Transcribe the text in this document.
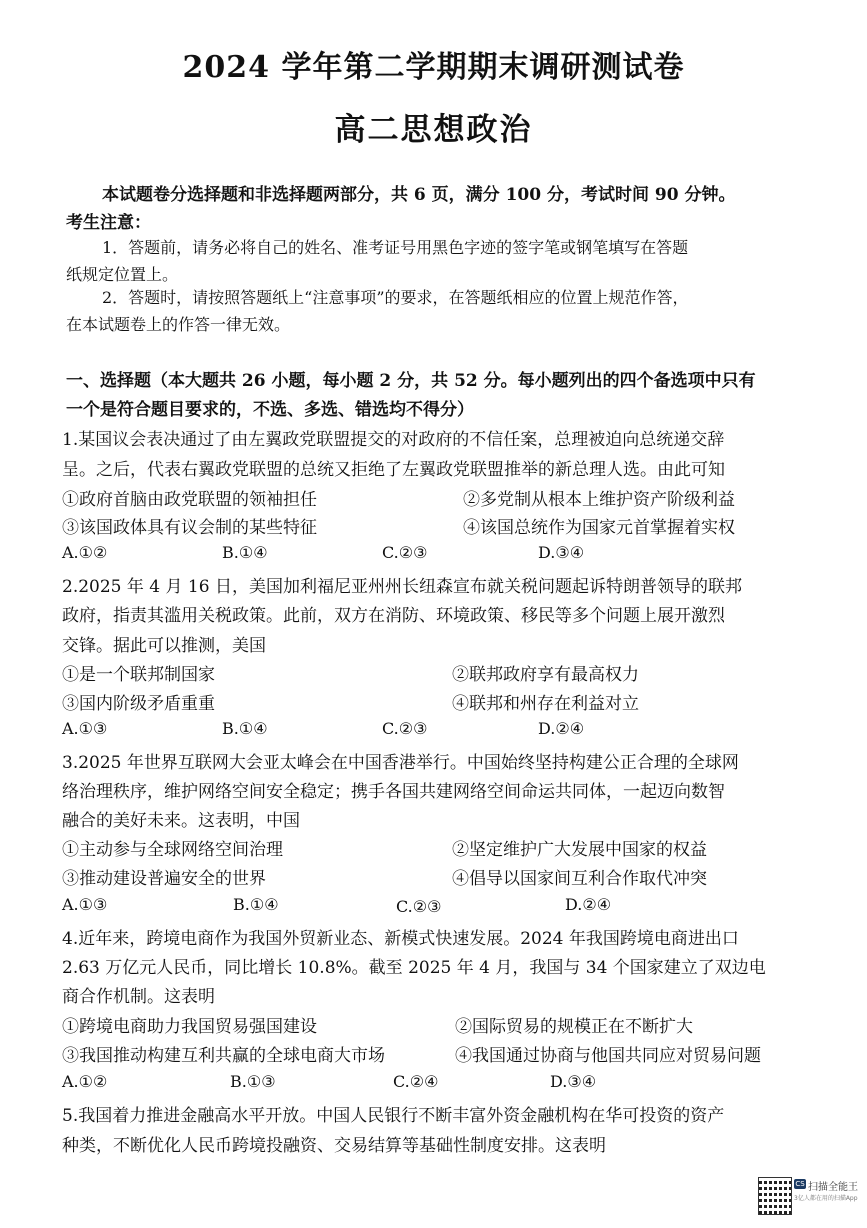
2024 学年第二学期期末调研测试卷
高二思想政治
本试题卷分选择题和非选择题两部分，共 6 页，满分 100 分，考试时间 90 分钟。
考生注意：
1．答题前，请务必将自己的姓名、准考证号用黑色字迹的签字笔或钢笔填写在答题
纸规定位置上。
2．答题时，请按照答题纸上“注意事项”的要求，在答题纸相应的位置上规范作答，
在本试题卷上的作答一律无效。
一、选择题（本大题共 26 小题，每小题 2 分，共 52 分。每小题列出的四个备选项中只有
一个是符合题目要求的，不选、多选、错选均不得分）
1.某国议会表决通过了由左翼政党联盟提交的对政府的不信任案，总理被迫向总统递交辞
呈。之后，代表右翼政党联盟的总统又拒绝了左翼政党联盟推举的新总理人选。由此可知
①政府首脑由政党联盟的领袖担任	②多党制从根本上维护资产阶级利益
③该国政体具有议会制的某些特征	④该国总统作为国家元首掌握着实权
A.①②	B.①④	C.②③	D.③④
2.2025 年 4 月 16 日，美国加利福尼亚州州长纽森宣布就关税问题起诉特朗普领导的联邦
政府，指责其滥用关税政策。此前，双方在消防、环境政策、移民等多个问题上展开激烈
交锋。据此可以推测，美国
①是一个联邦制国家	②联邦政府享有最高权力
③国内阶级矛盾重重	④联邦和州存在利益对立
A.①③	B.①④	C.②③	D.②④
3.2025 年世界互联网大会亚太峰会在中国香港举行。中国始终坚持构建公正合理的全球网
络治理秩序，维护网络空间安全稳定；携手各国共建网络空间命运共同体，一起迈向数智
融合的美好未来。这表明，中国
①主动参与全球网络空间治理	②坚定维护广大发展中国家的权益
③推动建设普遍安全的世界	④倡导以国家间互利合作取代冲突
A.①③	B.①④	C.②③	D.②④
4.近年来，跨境电商作为我国外贸新业态、新模式快速发展。2024 年我国跨境电商进出口
2.63 万亿元人民币，同比增长 10.8%。截至 2025 年 4 月，我国与 34 个国家建立了双边电
商合作机制。这表明
①跨境电商助力我国贸易强国建设	②国际贸易的规模正在不断扩大
③我国推动构建互利共赢的全球电商大市场	④我国通过协商与他国共同应对贸易问题
A.①②	B.①③	C.②④	D.③④
5.我国着力推进金融高水平开放。中国人民银行不断丰富外资金融机构在华可投资的资产
种类，不断优化人民币跨境投融资、交易结算等基础性制度安排。这表明
CS 扫描全能王
3亿人都在用的扫描App
